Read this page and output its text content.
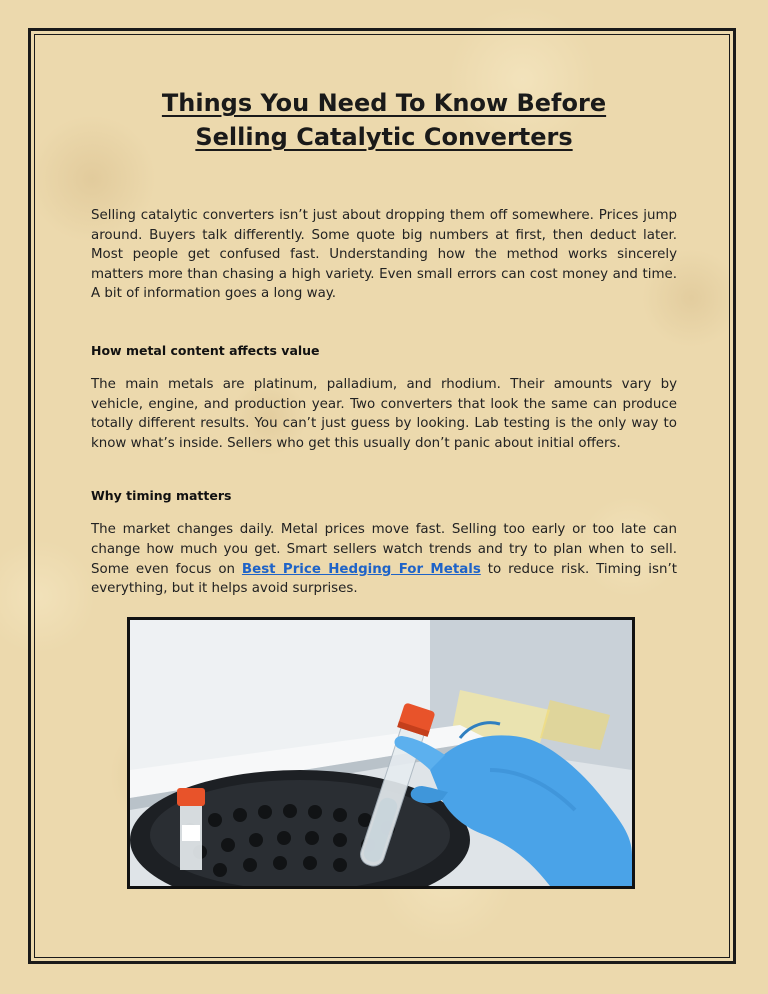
Things You Need To Know Before
Selling Catalytic Converters

Selling catalytic converters isn’t just about dropping them off somewhere. Prices jump around. Buyers talk differently. Some quote big numbers at first, then deduct later. Most people get confused fast. Understanding how the method works sincerely matters more than chasing a high variety. Even small errors can cost money and time. A bit of information goes a long way.

How metal content affects value

The main metals are platinum, palladium, and rhodium. Their amounts vary by vehicle, engine, and production year. Two converters that look the same can produce totally different results. You can’t just guess by looking. Lab testing is the only way to know what’s inside. Sellers who get this usually don’t panic about initial offers.

Why timing matters

The market changes daily. Metal prices move fast. Selling too early or too late can change how much you get. Smart sellers watch trends and try to plan when to sell. Some even focus on Best Price Hedging For Metals to reduce risk. Timing isn’t everything, but it helps avoid surprises.
